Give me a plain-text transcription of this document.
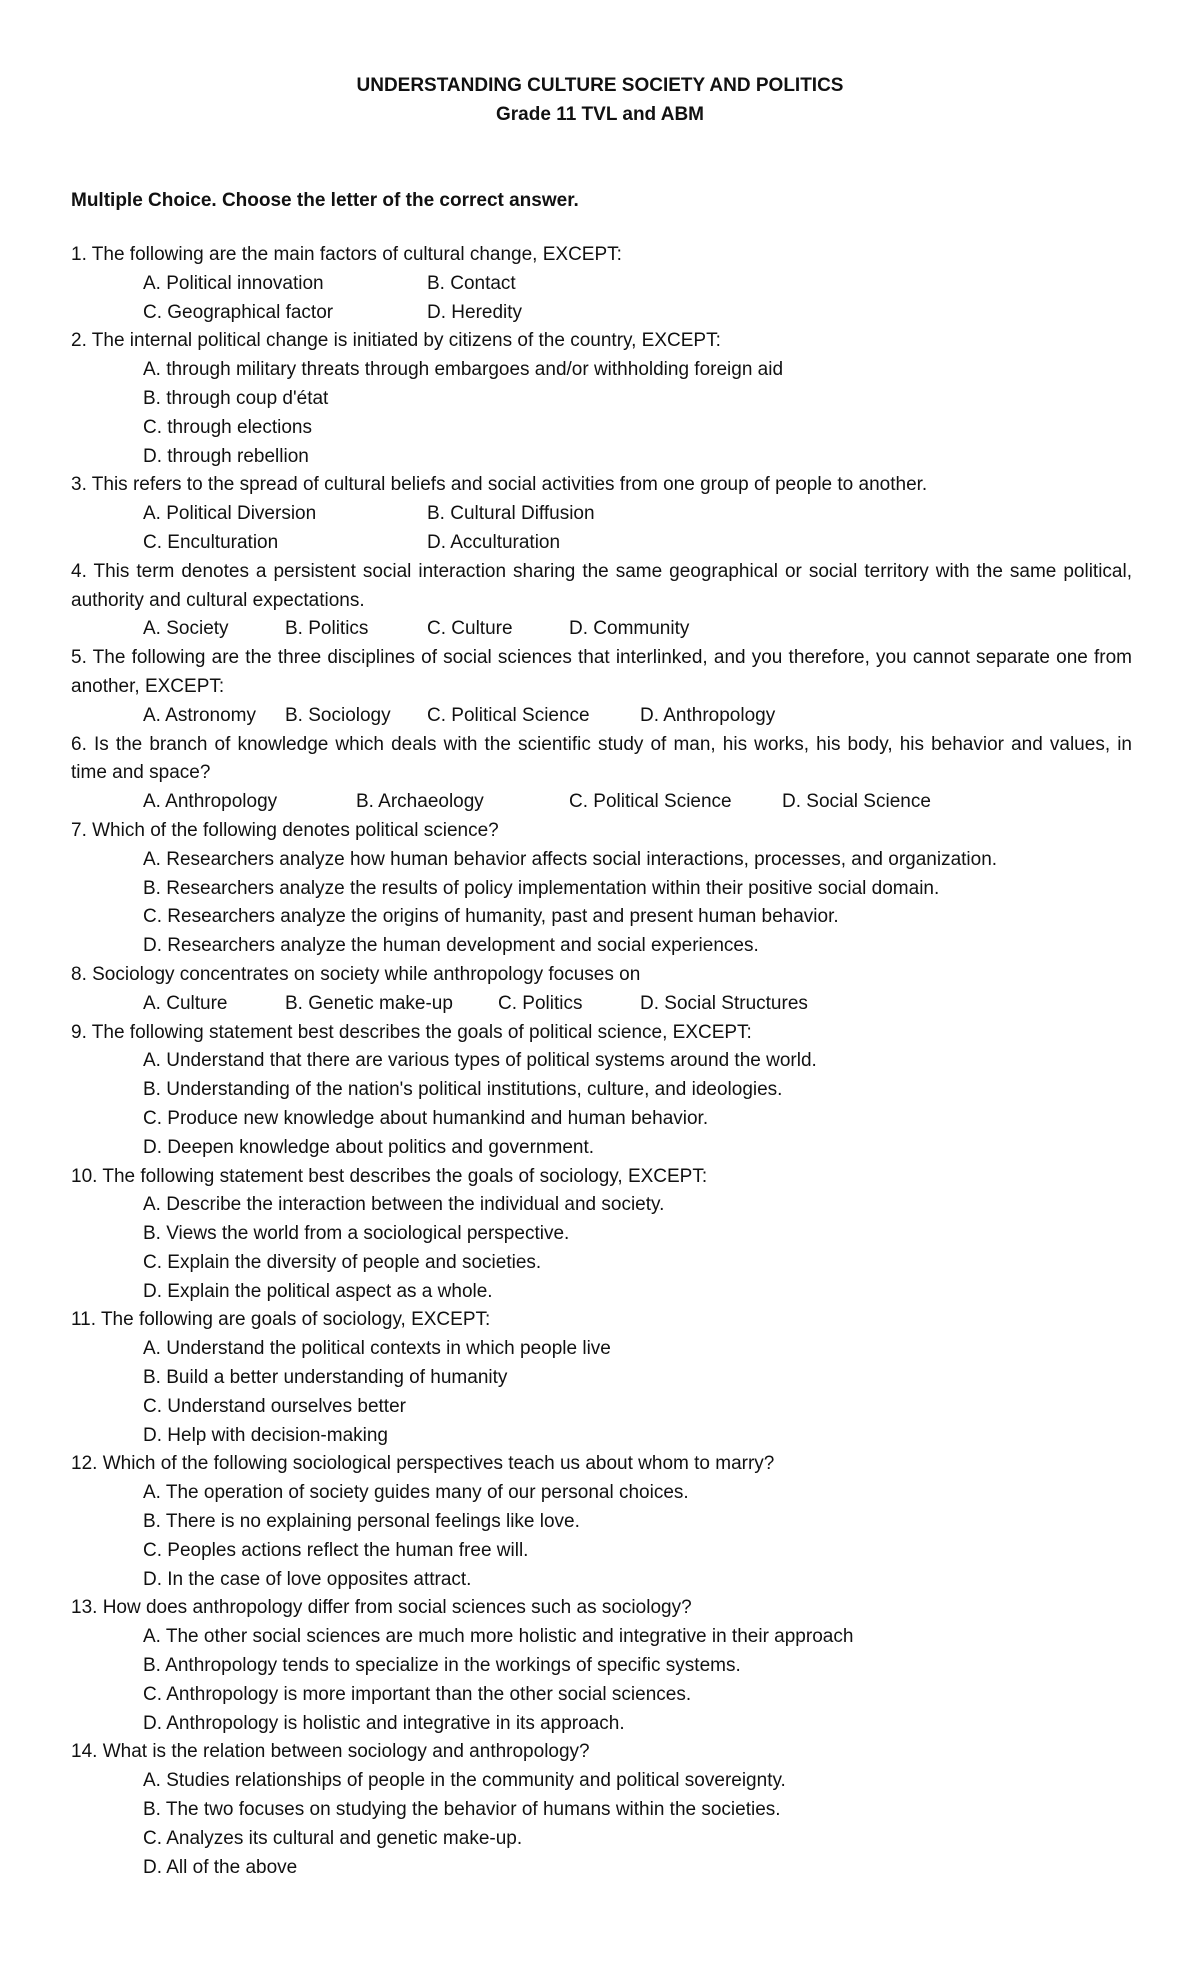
UNDERSTANDING CULTURE SOCIETY AND POLITICS
Grade 11 TVL and ABM
Multiple Choice. Choose the letter of the correct answer.
1. The following are the main factors of cultural change, EXCEPT:
A. Political innovation	B. Contact
C. Geographical factor	D. Heredity
2. The internal political change is initiated by citizens of the country, EXCEPT:
A. through military threats through embargoes and/or withholding foreign aid
B. through coup d'état
C. through elections
D. through rebellion
3. This refers to the spread of cultural beliefs and social activities from one group of people to another.
A. Political Diversion	B. Cultural Diffusion
C. Enculturation	D. Acculturation
4. This term denotes a persistent social interaction sharing the same geographical or social territory with the same political, authority and cultural expectations.
A. Society	B. Politics	C. Culture	D. Community
5. The following are the three disciplines of social sciences that interlinked, and you therefore, you cannot separate one from another, EXCEPT:
A. Astronomy B. Sociology C. Political Science	D. Anthropology
6. Is the branch of knowledge which deals with the scientific study of man, his works, his body, his behavior and values, in time and space?
A. Anthropology	B. Archaeology	C. Political Science	D. Social Science
7. Which of the following denotes political science?
A. Researchers analyze how human behavior affects social interactions, processes, and organization.
B. Researchers analyze the results of policy implementation within their positive social domain.
C. Researchers analyze the origins of humanity, past and present human behavior.
D. Researchers analyze the human development and social experiences.
8. Sociology concentrates on society while anthropology focuses on
A. Culture	B. Genetic make-up C. Politics	D. Social Structures
9. The following statement best describes the goals of political science, EXCEPT:
A. Understand that there are various types of political systems around the world.
B. Understanding of the nation's political institutions, culture, and ideologies.
C. Produce new knowledge about humankind and human behavior.
D. Deepen knowledge about politics and government.
10. The following statement best describes the goals of sociology, EXCEPT:
A. Describe the interaction between the individual and society.
B. Views the world from a sociological perspective.
C. Explain the diversity of people and societies.
D. Explain the political aspect as a whole.
11. The following are goals of sociology, EXCEPT:
A. Understand the political contexts in which people live
B. Build a better understanding of humanity
C. Understand ourselves better
D. Help with decision-making
12. Which of the following sociological perspectives teach us about whom to marry?
A. The operation of society guides many of our personal choices.
B. There is no explaining personal feelings like love.
C. Peoples actions reflect the human free will.
D. In the case of love opposites attract.
13. How does anthropology differ from social sciences such as sociology?
A. The other social sciences are much more holistic and integrative in their approach
B. Anthropology tends to specialize in the workings of specific systems.
C. Anthropology is more important than the other social sciences.
D. Anthropology is holistic and integrative in its approach.
14. What is the relation between sociology and anthropology?
A. Studies relationships of people in the community and political sovereignty.
B. The two focuses on studying the behavior of humans within the societies.
C. Analyzes its cultural and genetic make-up.
D. All of the above
